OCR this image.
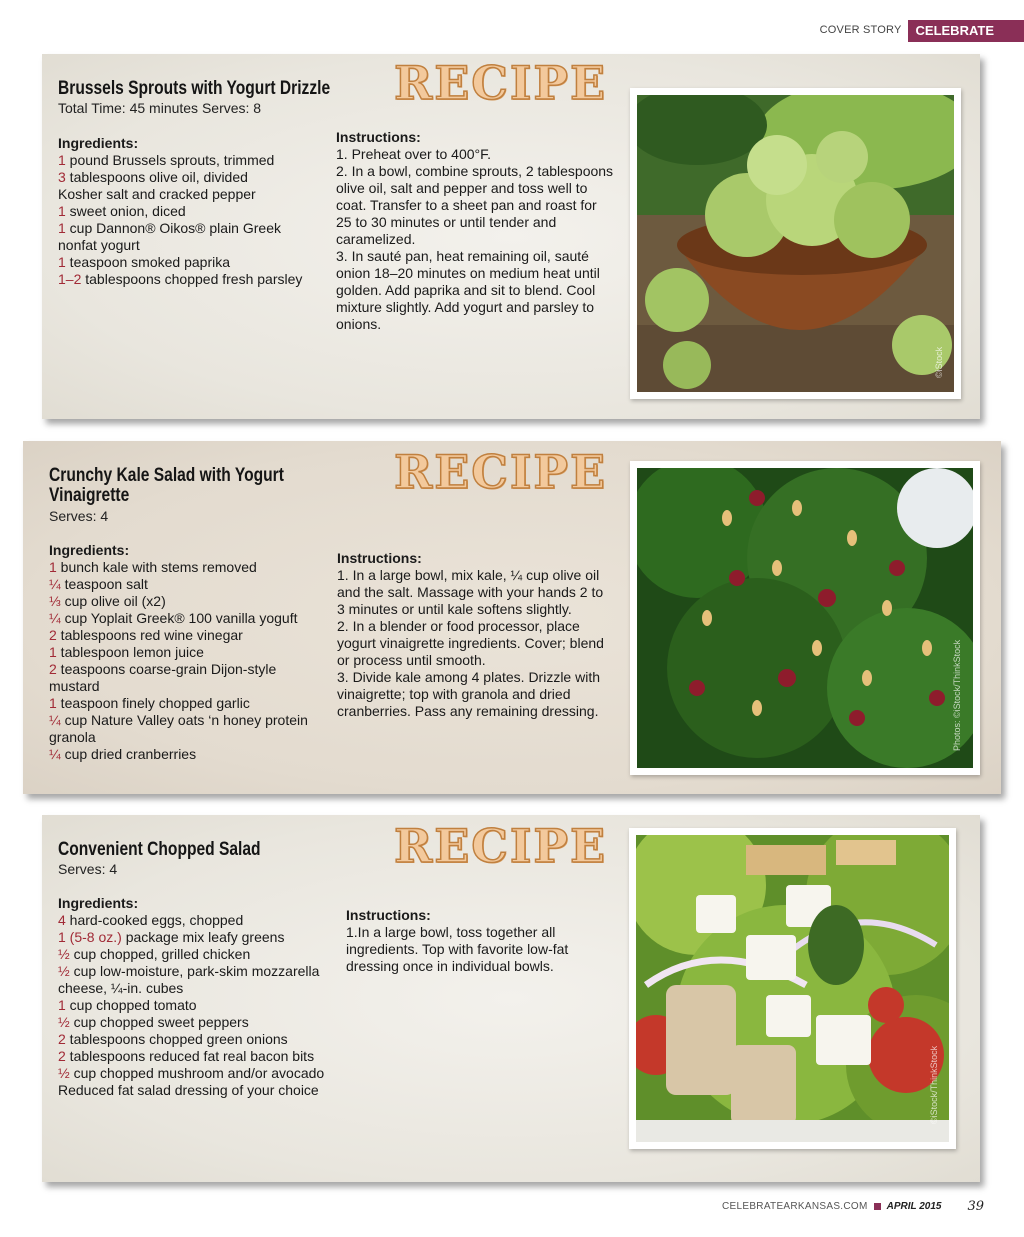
COVER STORY	CELEBRATE
RECIPE
Brussels Sprouts with Yogurt Drizzle
Total Time: 45 minutes Serves: 8
Ingredients:
1 pound Brussels sprouts, trimmed
3 tablespoons olive oil, divided
Kosher salt and cracked pepper
1 sweet onion, diced
1 cup Dannon® Oikos® plain Greek nonfat yogurt
1 teaspoon smoked paprika
1–2 tablespoons chopped fresh parsley
Instructions:
1. Preheat over to 400°F.
2. In a bowl, combine sprouts, 2 tablespoons olive oil, salt and pepper and toss well to coat. Transfer to a sheet pan and roast for 25 to 30 minutes or until tender and caramelized.
3. In sauté pan, heat remaining oil, sauté onion 18–20 minutes on medium heat until golden. Add paprika and sit to blend. Cool mixture slightly. Add yogurt and parsley to onions.
©iStock
RECIPE
Crunchy Kale Salad with Yogurt Vinaigrette
Serves: 4
Ingredients:
1 bunch kale with stems removed
¼ teaspoon salt
⅓ cup olive oil (x2)
¼ cup Yoplait Greek® 100 vanilla yoguft
2 tablespoons red wine vinegar
1 tablespoon lemon juice
2 teaspoons coarse-grain Dijon-style mustard
1 teaspoon finely chopped garlic
¼ cup Nature Valley oats ‘n honey protein granola
¼ cup dried cranberries
Instructions:
1. In a large bowl, mix kale, ¼ cup olive oil and the salt. Massage with your hands 2 to 3 minutes or until kale softens slightly.
2. In a blender or food processor, place yogurt vinaigrette ingredients. Cover; blend or process until smooth.
3. Divide kale among 4 plates. Drizzle with vinaigrette; top with granola and dried cranberries. Pass any remaining dressing.	Photos: ©iStock/ThinkStock
RECIPE
Convenient Chopped Salad
Serves: 4
Ingredients:
4 hard-cooked eggs, chopped
1 (5-8 oz.) package mix leafy greens
½ cup chopped, grilled chicken
½ cup low-moisture, park-skim mozzarella cheese, ¼-in. cubes
1 cup chopped tomato
½ cup chopped sweet peppers
2 tablespoons chopped green onions
2 tablespoons reduced fat real bacon bits
½ cup chopped mushroom and/or avocado
Reduced fat salad dressing of your choice
Instructions:
1.In a large bowl, toss together all ingredients. Top with favorite low-fat dressing once in individual bowls.
©iStock/ThinkStock
CELEBRATEARKANSAS.COM APRIL 2015 39
